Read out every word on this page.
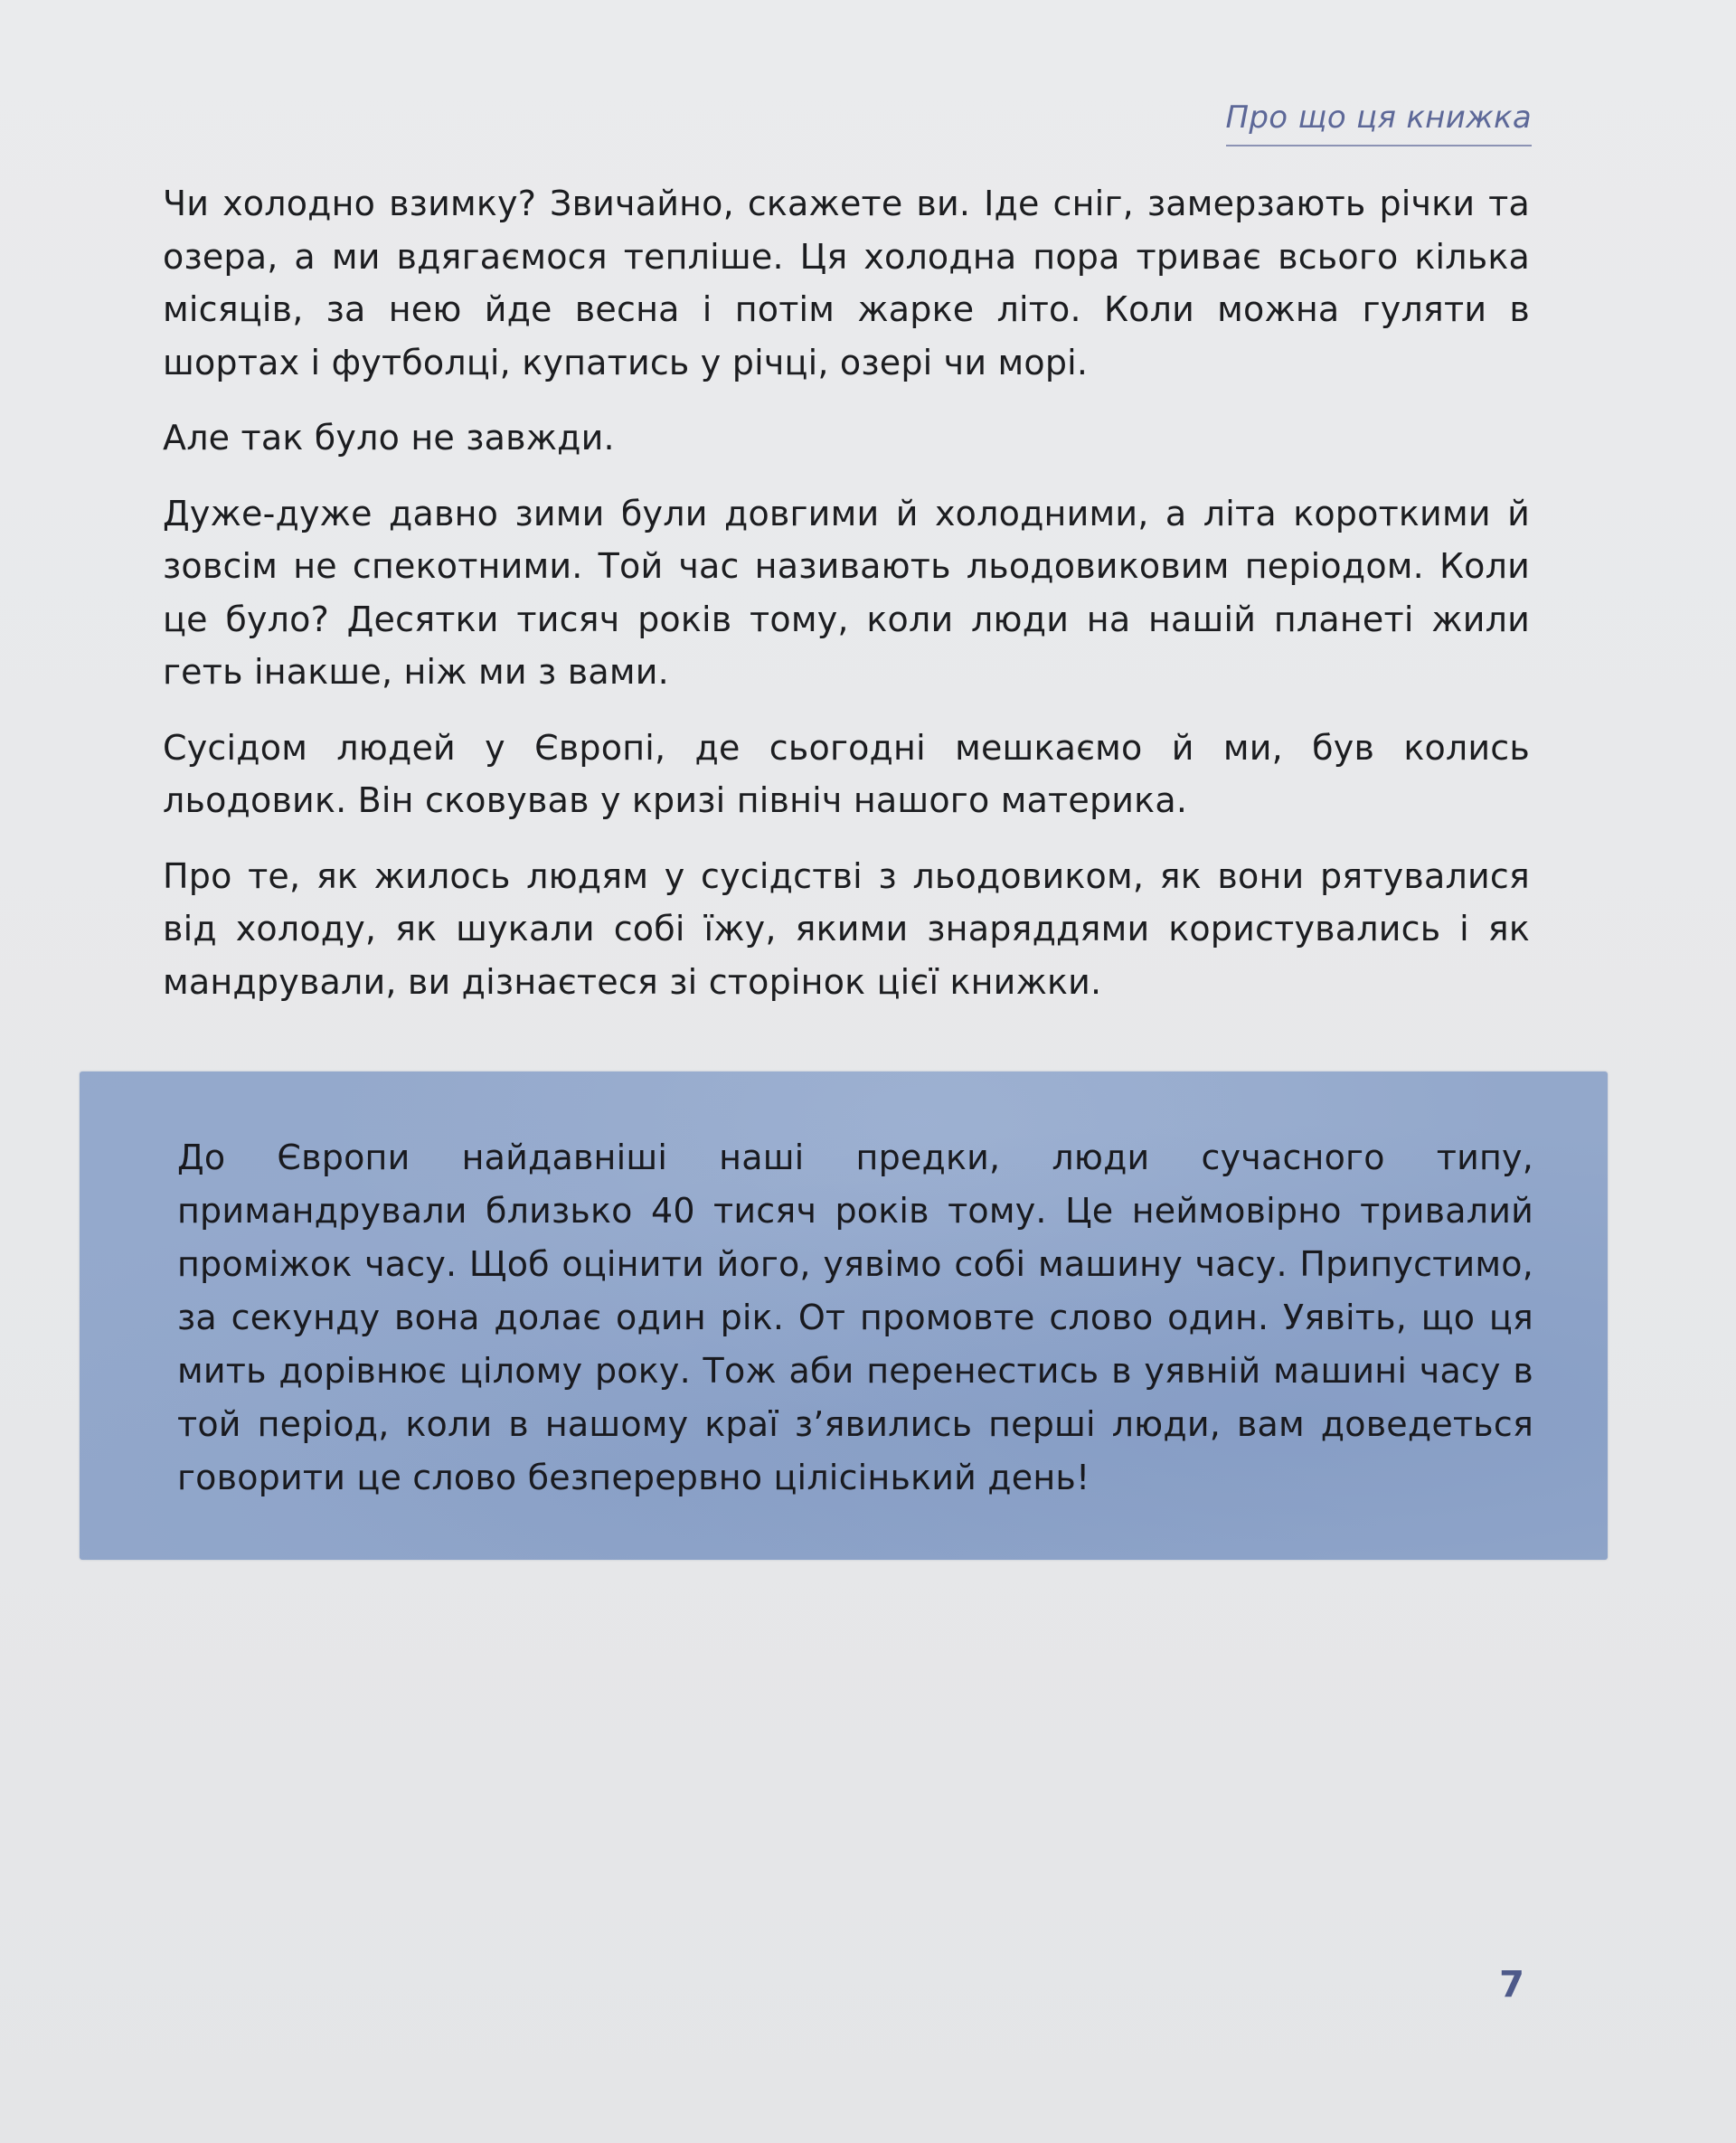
Про що ця книжка

Чи холодно взимку? Звичайно, скажете ви. Іде сніг, замерзають річки та озера, а ми вдягаємося тепліше. Ця холодна пора триває всього кілька місяців, за нею йде весна і потім жарке літо. Коли можна гуляти в шортах і футболці, купатись у річці, озері чи морі.

Але так було не завжди.

Дуже-дуже давно зими були довгими й холодними, а літа короткими й зовсім не спекотними. Той час називають льодовиковим періодом. Коли це було? Десятки тисяч років тому, коли люди на нашій планеті жили геть інакше, ніж ми з вами.

Сусідом людей у Європі, де сьогодні мешкаємо й ми, був колись льодовик. Він сковував у кризі північ нашого материка.

Про те, як жилось людям у сусідстві з льодовиком, як вони рятувалися від холоду, як шукали собі їжу, якими знаряддями користувались і як мандрували, ви дізнаєтеся зі сторінок цієї книжки.

До Європи найдавніші наші предки, люди сучасного типу, примандрували близько 40 тисяч років тому. Це неймовірно тривалий проміжок часу. Щоб оцінити його, уявімо собі машину часу. Припустимо, за секунду вона долає один рік. От промовте слово один. Уявіть, що ця мить дорівнює цілому року. Тож аби перенестись в уявній машині часу в той період, коли в нашому краї з’явились перші люди, вам доведеться говорити це слово безперервно цілісінький день!

7
